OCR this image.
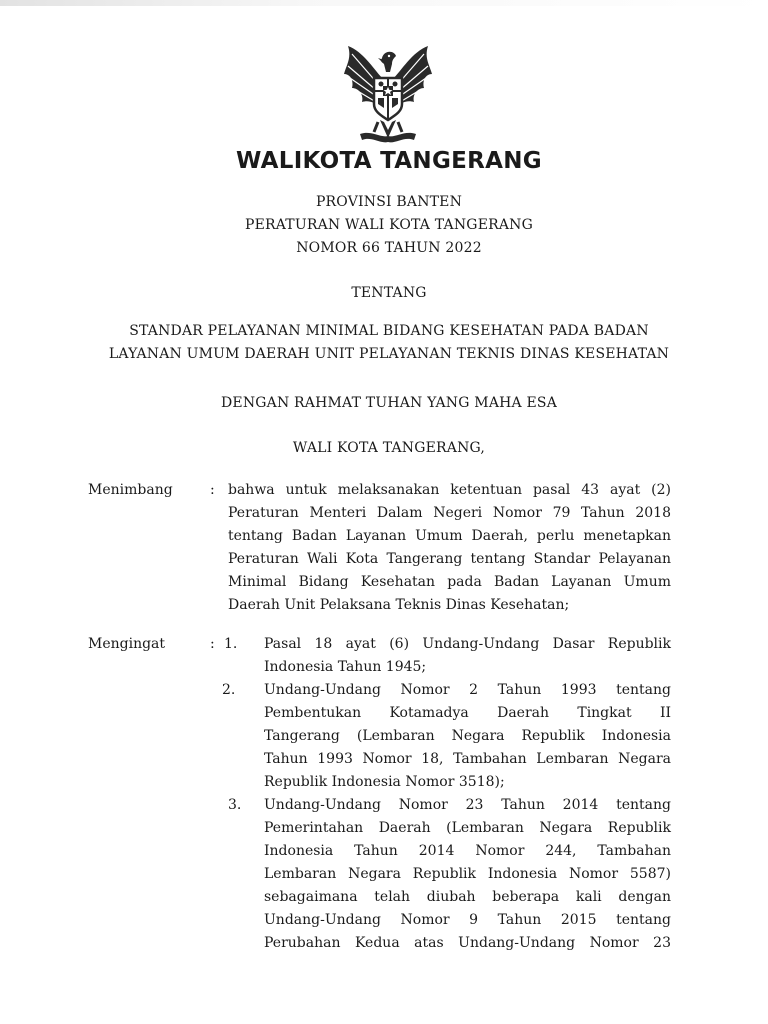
WALIKOTA TANGERANG
PROVINSI BANTEN
PERATURAN WALI KOTA TANGERANG
NOMOR 66 TAHUN 2022
TENTANG
STANDAR PELAYANAN MINIMAL BIDANG KESEHATAN PADA BADAN
LAYANAN UMUM DAERAH UNIT PELAYANAN TEKNIS DINAS KESEHATAN
DENGAN RAHMAT TUHAN YANG MAHA ESA
WALI KOTA TANGERANG,
Menimbang	: bahwa untuk melaksanakan ketentuan pasal 43 ayat (2)
Peraturan Menteri Dalam Negeri Nomor 79 Tahun 2018
tentang Badan Layanan Umum Daerah, perlu menetapkan
Peraturan Wali Kota Tangerang tentang Standar Pelayanan
Minimal Bidang Kesehatan pada Badan Layanan Umum
Daerah Unit Pelaksana Teknis Dinas Kesehatan;
Mengingat	: 1. Pasal 18 ayat (6) Undang-Undang Dasar Republik
Indonesia Tahun 1945;
2. Undang-Undang Nomor 2 Tahun 1993 tentang
Pembentukan Kotamadya Daerah Tingkat II
Tangerang (Lembaran Negara Republik Indonesia
Tahun 1993 Nomor 18, Tambahan Lembaran Negara
Republik Indonesia Nomor 3518);
3. Undang-Undang Nomor 23 Tahun 2014 tentang
Pemerintahan Daerah (Lembaran Negara Republik
Indonesia Tahun 2014 Nomor 244, Tambahan
Lembaran Negara Republik Indonesia Nomor 5587)
sebagaimana telah diubah beberapa kali dengan
Undang-Undang Nomor 9 Tahun 2015 tentang
Perubahan Kedua atas Undang-Undang Nomor 23
